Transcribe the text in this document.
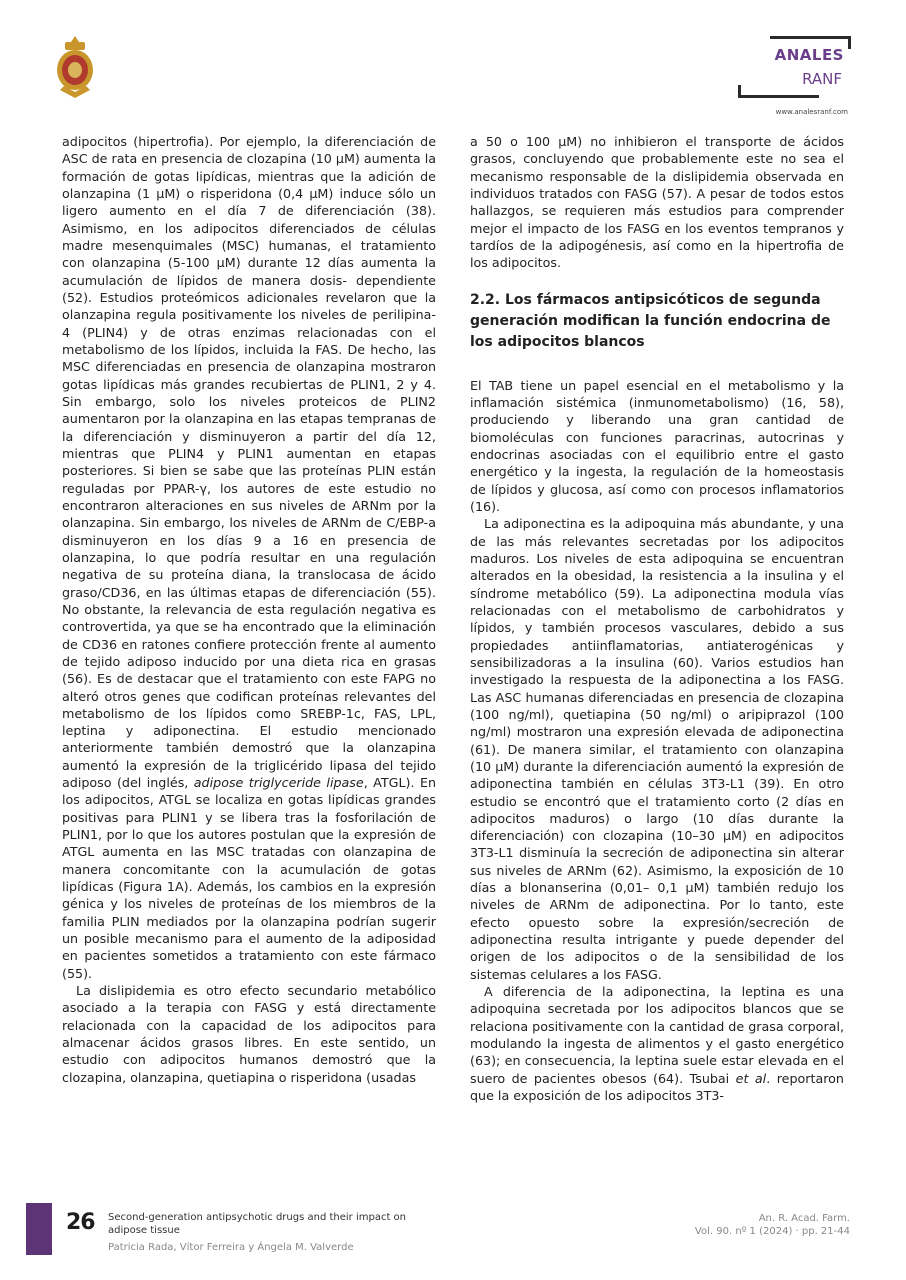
ANALES
RANF
www.analesranf.com

adipocitos (hipertrofia). Por ejemplo, la diferenciación de ASC de rata en presencia de clozapina (10 µM) aumenta la formación de gotas lipídicas, mientras que la adición de olanzapina (1 µM) o risperidona (0,4 µM) induce sólo un ligero aumento en el día 7 de diferenciación (38). Asimismo, en los adipocitos diferenciados de células madre mesenquimales (MSC) humanas, el tratamiento con olanzapina (5-100 µM) durante 12 días aumenta la acumulación de lípidos de manera dosis- dependiente (52). Estudios proteómicos adicionales revelaron que la olanzapina regula positivamente los niveles de perilipina-4 (PLIN4) y de otras enzimas relacionadas con el metabolismo de los lípidos, incluida la FAS. De hecho, las MSC diferenciadas en presencia de olanzapina mostraron gotas lipídicas más grandes recubiertas de PLIN1, 2 y 4. Sin embargo, solo los niveles proteicos de PLIN2 aumentaron por la olanzapina en las etapas tempranas de la diferenciación y disminuyeron a partir del día 12, mientras que PLIN4 y PLIN1 aumentan en etapas posteriores. Si bien se sabe que las proteínas PLIN están reguladas por PPAR-γ, los autores de este estudio no encontraron alteraciones en sus niveles de ARNm por la olanzapina. Sin embargo, los niveles de ARNm de C/EBP-a disminuyeron en los días 9 a 16 en presencia de olanzapina, lo que podría resultar en una regulación negativa de su proteína diana, la translocasa de ácido graso/CD36, en las últimas etapas de diferenciación (55). No obstante, la relevancia de esta regulación negativa es controvertida, ya que se ha encontrado que la eliminación de CD36 en ratones confiere protección frente al aumento de tejido adiposo inducido por una dieta rica en grasas (56). Es de destacar que el tratamiento con este FAPG no alteró otros genes que codifican proteínas relevantes del metabolismo de los lípidos como SREBP-1c, FAS, LPL, leptina y adiponectina. El estudio mencionado anteriormente también demostró que la olanzapina aumentó la expresión de la triglicérido lipasa del tejido adiposo (del inglés, adipose triglyceride lipase, ATGL). En los adipocitos, ATGL se localiza en gotas lipídicas grandes positivas para PLIN1 y se libera tras la fosforilación de PLIN1, por lo que los autores postulan que la expresión de ATGL aumenta en las MSC tratadas con olanzapina de manera concomitante con la acumulación de gotas lipídicas (Figura 1A). Además, los cambios en la expresión génica y los niveles de proteínas de los miembros de la familia PLIN mediados por la olanzapina podrían sugerir un posible mecanismo para el aumento de la adiposidad en pacientes sometidos a tratamiento con este fármaco (55).

La dislipidemia es otro efecto secundario metabólico asociado a la terapia con FASG y está directamente relacionada con la capacidad de los adipocitos para almacenar ácidos grasos libres. En este sentido, un estudio con adipocitos humanos demostró que la clozapina, olanzapina, quetiapina o risperidona (usadas

a 50 o 100 µM) no inhibieron el transporte de ácidos grasos, concluyendo que probablemente este no sea el mecanismo responsable de la dislipidemia observada en individuos tratados con FASG (57). A pesar de todos estos hallazgos, se requieren más estudios para comprender mejor el impacto de los FASG en los eventos tempranos y tardíos de la adipogénesis, así como en la hipertrofia de los adipocitos.

2.2. Los fármacos antipsicóticos de segunda generación modifican la función endocrina de los adipocitos blancos

El TAB tiene un papel esencial en el metabolismo y la inflamación sistémica (inmunometabolismo) (16, 58), produciendo y liberando una gran cantidad de biomoléculas con funciones paracrinas, autocrinas y endocrinas asociadas con el equilibrio entre el gasto energético y la ingesta, la regulación de la homeostasis de lípidos y glucosa, así como con procesos inflamatorios (16).

La adiponectina es la adipoquina más abundante, y una de las más relevantes secretadas por los adipocitos maduros. Los niveles de esta adipoquina se encuentran alterados en la obesidad, la resistencia a la insulina y el síndrome metabólico (59). La adiponectina modula vías relacionadas con el metabolismo de carbohidratos y lípidos, y también procesos vasculares, debido a sus propiedades antiinflamatorias, antiaterogénicas y sensibilizadoras a la insulina (60). Varios estudios han investigado la respuesta de la adiponectina a los FASG. Las ASC humanas diferenciadas en presencia de clozapina (100 ng/ml), quetiapina (50 ng/ml) o aripiprazol (100 ng/ml) mostraron una expresión elevada de adiponectina (61). De manera similar, el tratamiento con olanzapina (10 µM) durante la diferenciación aumentó la expresión de adiponectina también en células 3T3-L1 (39). En otro estudio se encontró que el tratamiento corto (2 días en adipocitos maduros) o largo (10 días durante la diferenciación) con clozapina (10–30 µM) en adipocitos 3T3-L1 disminuía la secreción de adiponectina sin alterar sus niveles de ARNm (62). Asimismo, la exposición de 10 días a blonanserina (0,01– 0,1 µM) también redujo los niveles de ARNm de adiponectina. Por lo tanto, este efecto opuesto sobre la expresión/secreción de adiponectina resulta intrigante y puede depender del origen de los adipocitos o de la sensibilidad de los sistemas celulares a los FASG.

A diferencia de la adiponectina, la leptina es una adipoquina secretada por los adipocitos blancos que se relaciona positivamente con la cantidad de grasa corporal, modulando la ingesta de alimentos y el gasto energético (63); en consecuencia, la leptina suele estar elevada en el suero de pacientes obesos (64). Tsubai et al. reportaron que la exposición de los adipocitos 3T3-

26 Second-generation antipsychotic drugs and their impact on adipose tissue
Patricia Rada, Vítor Ferreira y Ángela M. Valverde
An. R. Acad. Farm.
Vol. 90. nº 1 (2024) · pp. 21-44
